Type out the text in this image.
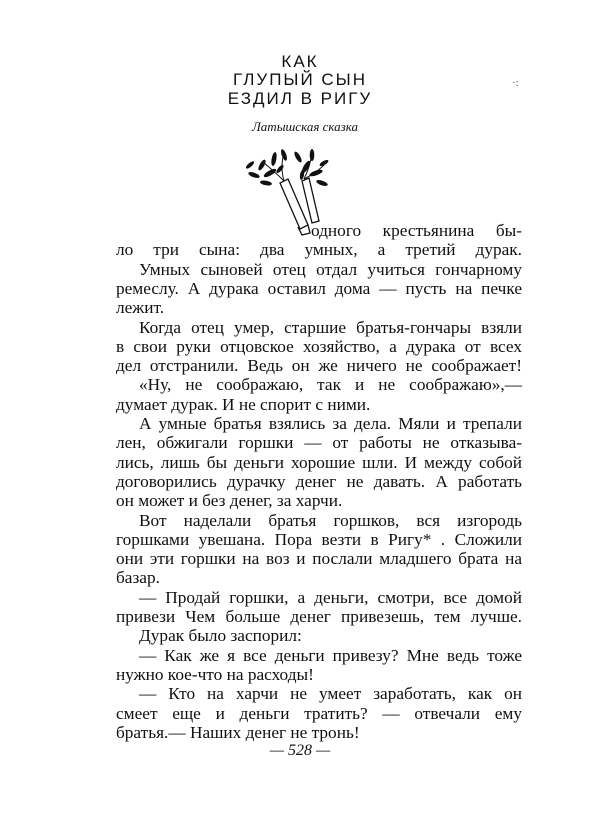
КАК
ГЛУПЫЙ СЫН
ЕЗДИЛ В РИГУ
·:
Латышская сказка
одного крестьянина бы-
ло три сына: два умных, а третий дурак.
Умных сыновей отец отдал учиться гончарному
ремеслу. А дурака оставил дома — пусть на печке
лежит.
Когда отец умер, старшие братья-гончары взяли
в свои руки отцовское хозяйство, а дурака от всех
дел отстранили. Ведь он же ничего не соображает!
«Ну, не соображаю, так и не соображаю»,—
думает дурак. И не спорит с ними.
А умные братья взялись за дела. Мяли и трепали
лен, обжигали горшки — от работы не отказыва-
лись, лишь бы деньги хорошие шли. И между собой
договорились дурачку денег не давать. А работать
он может и без денег, за харчи.
Вот наделали братья горшков, вся изгородь
горшками увешана. Пора везти в Ригу* . Сложили
они эти горшки на воз и послали младшего брата на
базар.
— Продай горшки, а деньги, смотри, все домой
привези Чем больше денег привезешь, тем лучше.
Дурак было заспорил:
— Как же я все деньги привезу? Мне ведь тоже
нужно кое-что на расходы!
— Кто на харчи не умеет заработать, как он
смеет еще и деньги тратить? — отвечали ему
— 528 —
братья.— Наших денег не тронь!
